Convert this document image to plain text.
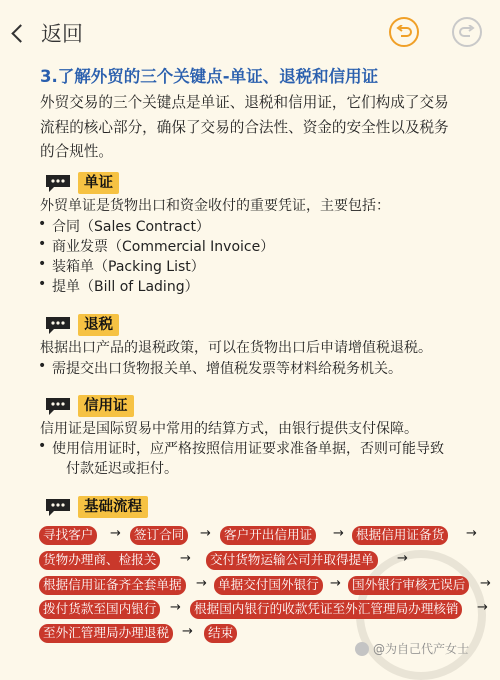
返回
3.了解外贸的三个关键点-单证、退税和信用证
外贸交易的三个关键点是单证、退税和信用证，它们构成了交易
流程的核心部分，确保了交易的合法性、资金的安全性以及税务
的合规性。
单证
外贸单证是货物出口和资金收付的重要凭证，主要包括：
• 合同（Sales Contract）
• 商业发票（Commercial Invoice）
• 装箱单（Packing List）
• 提单（Bill of Lading）
退税
根据出口产品的退税政策，可以在货物出口后申请增值税退税。
• 需提交出口货物报关单、增值税发票等材料给税务机关。
信用证
信用证是国际贸易中常用的结算方式，由银行提供支付保障。
• 使用信用证时，应严格按照信用证要求准备单据，否则可能导致
付款延迟或拒付。
基础流程
寻找客户	→	签订合同	→	客户开出信用证	→ 根据信用证备货	→
货物办理商、检报关	→	交付货物运输公司并取得提单	→
根据信用证备齐全套单据	→ 单据交付国外银行 → 国外银行审核无误后	→
拨付货款至国内银行	→	根据国内银行的收款凭证至外汇管理局办理核销	→
至外汇管理局办理退税	→	结束
@为自己代产女士
